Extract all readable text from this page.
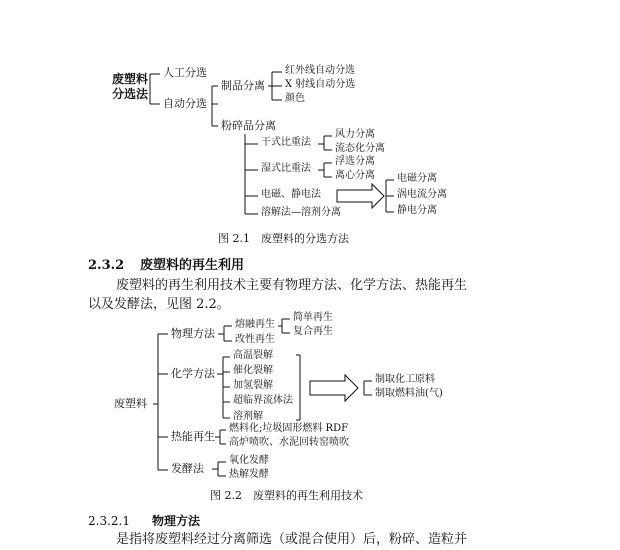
废塑料
分选法
人工分选
自动分选
制品分离
红外线自动分选
X 射线自动分选
颜色
粉碎品分离
干式比重法
风力分离
流态化分离
湿式比重法
浮选分离
离心分离
电磁、静电法
电磁分离
涡电流分离
静电分离
溶解法—溶剂分离
图 2.1　废塑料的分选方法
2.3.2 废塑料的再生利用
废塑料的再生利用技术主要有物理方法、化学方法、热能再生
以及发酵法，见图 2.2。
废塑料
物理方法
熔融再生
改性再生
简单再生
复合再生
化学方法
高温裂解
催化裂解
加氢裂解
超临界流体法
溶剂解
制取化工原料
制取燃料油(气)
热能再生
燃料化;垃圾固形燃料 RDF
高炉喷吹、水泥回转窑喷吹
发酵法
氧化发酵
热解发酵
图 2.2　废塑料的再生利用技术
2.3.2.1 物理方法
是指将废塑料经过分离筛选（或混合使用）后，粉碎、造粒并
